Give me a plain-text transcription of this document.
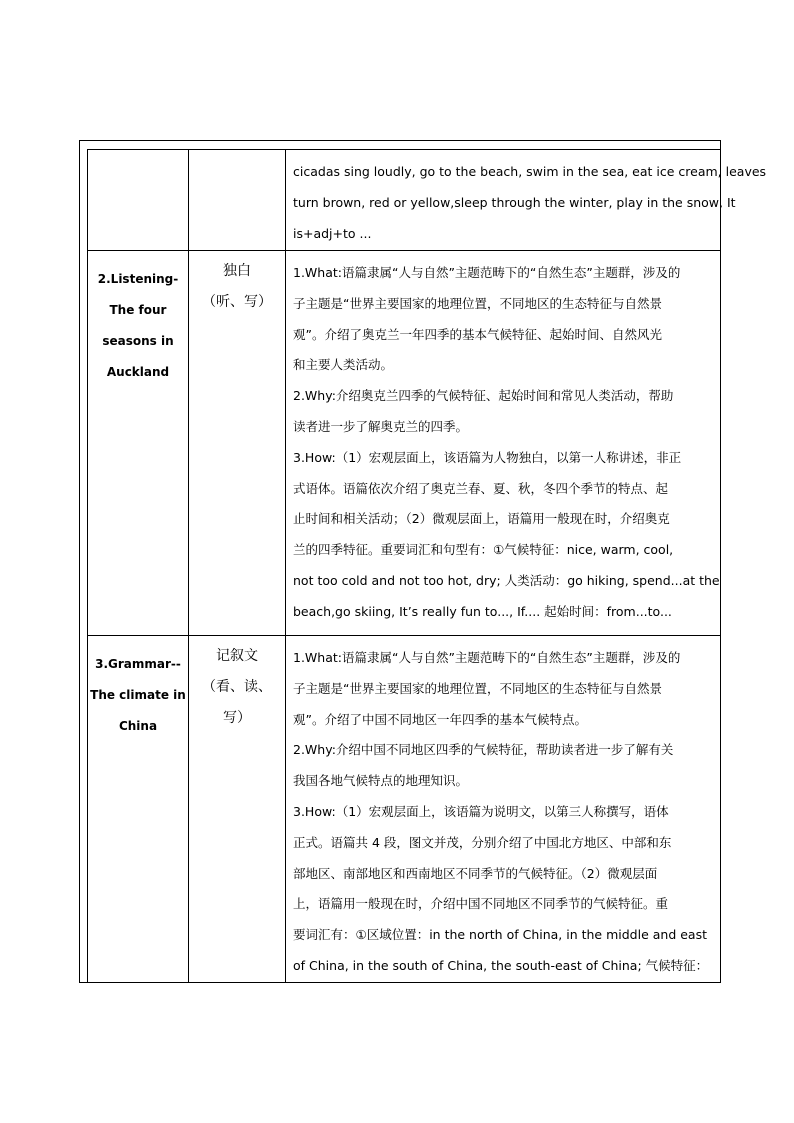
cicadas sing loudly, go to the beach, swim in the sea, eat ice cream, leaves
turn brown, red or yellow,sleep through the winter, play in the snow, It
is+adj+to ...
2.Listening-
The four
seasons in
Auckland
独白
（听、写）
1.What:语篇隶属“人与自然”主题范畴下的“自然生态”主题群，涉及的
子主题是“世界主要国家的地理位置，不同地区的生态特征与自然景
观”。介绍了奥克兰一年四季的基本气候特征、起始时间、自然风光
和主要人类活动。
2.Why:介绍奥克兰四季的气候特征、起始时间和常见人类活动，帮助
读者进一步了解奥克兰的四季。
3.How:（1）宏观层面上，该语篇为人物独白，以第一人称讲述，非正
式语体。语篇依次介绍了奥克兰春、夏、秋，冬四个季节的特点、起
止时间和相关活动；（2）微观层面上，语篇用一般现在时，介绍奥克
兰的四季特征。重要词汇和句型有：①气候特征：nice, warm, cool,
not too cold and not too hot, dry; 人类活动：go hiking, spend...at the
beach,go skiing, It’s really fun to..., If.... 起始时间：from...to...
3.Grammar--
The climate in
China
记叙文
（看、读、
写）
1.What:语篇隶属“人与自然”主题范畴下的“自然生态”主题群，涉及的
子主题是“世界主要国家的地理位置，不同地区的生态特征与自然景
观”。介绍了中国不同地区一年四季的基本气候特点。
2.Why:介绍中国不同地区四季的气候特征，帮助读者进一步了解有关
我国各地气候特点的地理知识。
3.How:（1）宏观层面上，该语篇为说明文，以第三人称撰写，语体
正式。语篇共 4 段，图文并茂，分别介绍了中国北方地区、中部和东
部地区、南部地区和西南地区不同季节的气候特征。（2）微观层面
上，语篇用一般现在时，介绍中国不同地区不同季节的气候特征。重
要词汇有：①区域位置：in the north of China, in the middle and east
of China, in the south of China, the south-east of China; 气候特征：
